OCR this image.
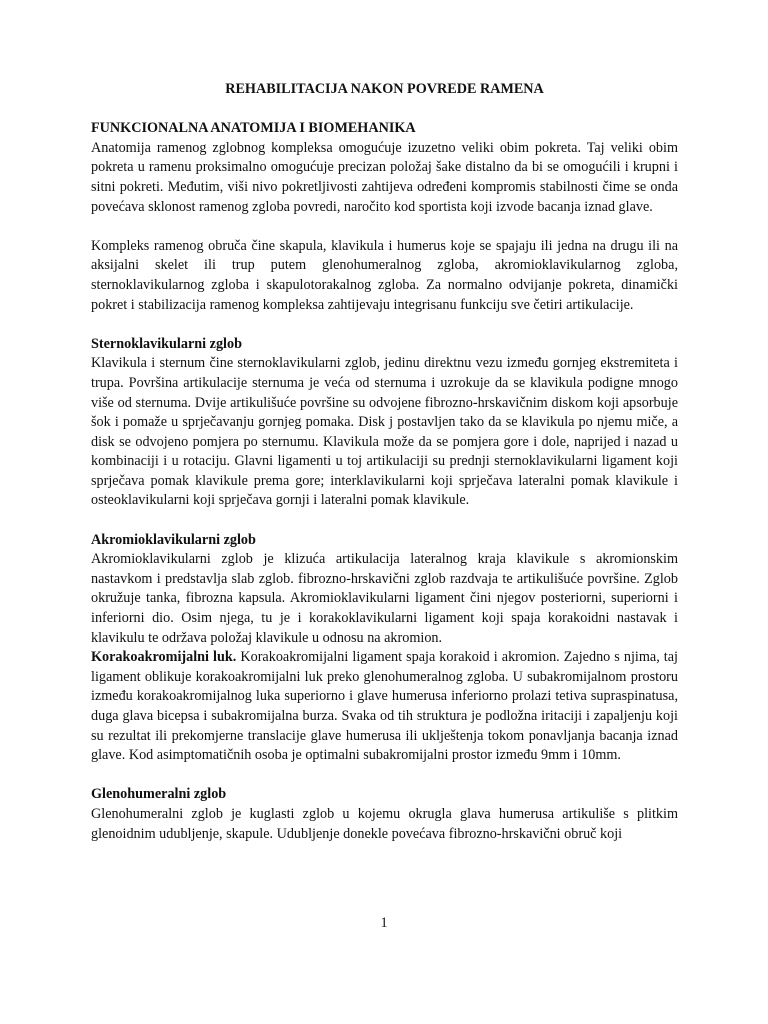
REHABILITACIJA NAKON POVREDE RAMENA

FUNKCIONALNA ANATOMIJA I BIOMEHANIKA

Anatomija ramenog zglobnog kompleksa omogućuje izuzetno veliki obim pokreta. Taj veliki obim pokreta u ramenu proksimalno omogućuje precizan položaj šake distalno da bi se omogućili i krupni i sitni pokreti. Međutim, viši nivo pokretljivosti zahtijeva određeni kompromis stabilnosti čime se onda povećava sklonost ramenog zgloba povredi, naročito kod sportista koji izvode bacanja iznad glave.

Kompleks ramenog obruča čine skapula, klavikula i humerus koje se spajaju ili jedna na drugu ili na aksijalni skelet ili trup putem glenohumeralnog zgloba, akromioklavikularnog zgloba, sternoklavikularnog zgloba i skapulotorakalnog zgloba. Za normalno odvijanje pokreta, dinamički pokret i stabilizacija ramenog kompleksa zahtijevaju integrisanu funkciju sve četiri artikulacije.

Sternoklavikularni zglob

Klavikula i sternum čine sternoklavikularni zglob, jedinu direktnu vezu između gornjeg ekstremiteta i trupa. Površina artikulacije sternuma je veća od sternuma i uzrokuje da se klavikula podigne mnogo više od sternuma. Dvije artikulišuće površine su odvojene fibrozno-hrskavičnim diskom koji apsorbuje šok i pomaže u sprječavanju gornjeg pomaka. Disk j postavljen tako da se klavikula po njemu miče, a disk se odvojeno pomjera po sternumu. Klavikula može da se pomjera gore i dole, naprijed i nazad u kombinaciji i u rotaciju. Glavni ligamenti u toj artikulaciji su prednji sternoklavikularni ligament koji sprječava pomak klavikule prema gore; interklavikularni koji sprječava lateralni pomak klavikule i osteoklavikularni koji sprječava gornji i lateralni pomak klavikule.

Akromioklavikularni zglob

Akromioklavikularni zglob je klizuća artikulacija lateralnog kraja klavikule s akromionskim nastavkom i predstavlja slab zglob. fibrozno-hrskavični zglob razdvaja te artikulišuće površine. Zglob okružuje tanka, fibrozna kapsula. Akromioklavikularni ligament čini njegov posteriorni, superiorni i inferiorni dio. Osim njega, tu je i korakoklavikularni ligament koji spaja korakoidni nastavak i klavikulu te održava položaj klavikule u odnosu na akromion.

Korakoakromijalni luk. Korakoakromijalni ligament spaja korakoid i akromion. Zajedno s njima, taj ligament oblikuje korakoakromijalni luk preko glenohumeralnog zgloba. U subakromijalnom prostoru između korakoakromijalnog luka superiorno i glave humerusa inferiorno prolazi tetiva supraspinatusa, duga glava bicepsa i subakromijalna burza. Svaka od tih struktura je podložna iritaciji i zapaljenju koji su rezultat ili prekomjerne translacije glave humerusa ili uklještenja tokom ponavljanja bacanja iznad glave. Kod asimptomatičnih osoba je optimalni subakromijalni prostor između 9mm i 10mm.

Glenohumeralni zglob

Glenohumeralni zglob je kuglasti zglob u kojemu okrugla glava humerusa artikuliše s plitkim glenoidnim udubljenje, skapule. Udubljenje donekle povećava fibrozno-hrskavični obruč koji

1
